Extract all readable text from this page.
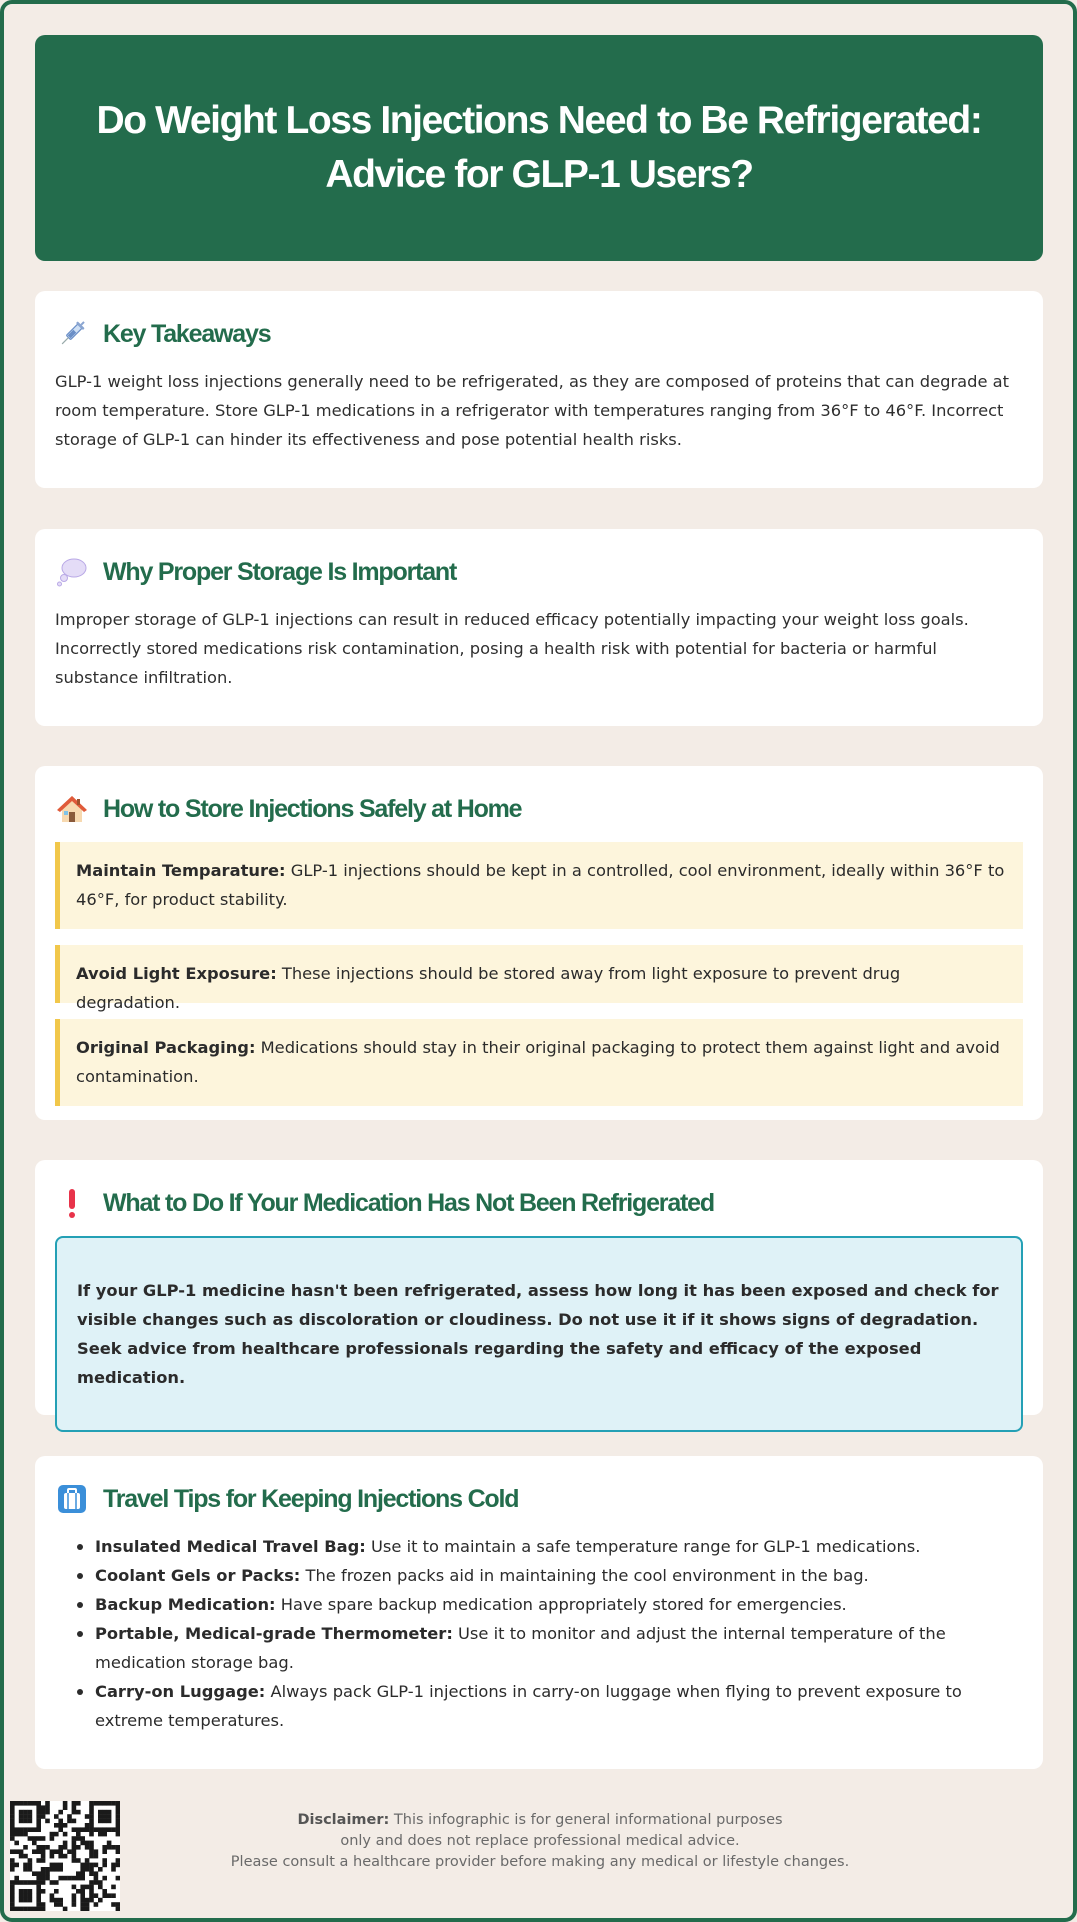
Do Weight Loss Injections Need to Be Refrigerated: Advice for GLP-1 Users?
Key Takeaways

GLP-1 weight loss injections generally need to be refrigerated, as they are composed of proteins that can degrade at room temperature. Store GLP-1 medications in a refrigerator with temperatures ranging from 36°F to 46°F. Incorrect storage of GLP-1 can hinder its effectiveness and pose potential health risks.

Why Proper Storage Is Important

Improper storage of GLP-1 injections can result in reduced efficacy potentially impacting your weight loss goals. Incorrectly stored medications risk contamination, posing a health risk with potential for bacteria or harmful substance infiltration.

How to Store Injections Safely at Home
Maintain Temparature: GLP-1 injections should be kept in a controlled, cool environment, ideally within 36°F to 46°F, for product stability.
Avoid Light Exposure: These injections should be stored away from light exposure to prevent drug degradation.
Original Packaging: Medications should stay in their original packaging to protect them against light and avoid contamination.
What to Do If Your Medication Has Not Been Refrigerated
If your GLP-1 medicine hasn't been refrigerated, assess how long it has been exposed and check for visible changes such as discoloration or cloudiness. Do not use it if it shows signs of degradation. Seek advice from healthcare professionals regarding the safety and efficacy of the exposed medication.
Travel Tips for Keeping Injections Cold
Insulated Medical Travel Bag: Use it to maintain a safe temperature range for GLP-1 medications.
Coolant Gels or Packs: The frozen packs aid in maintaining the cool environment in the bag.
Backup Medication: Have spare backup medication appropriately stored for emergencies.
Portable, Medical-grade Thermometer: Use it to monitor and adjust the internal temperature of the medication storage bag.
Carry-on Luggage: Always pack GLP-1 injections in carry-on luggage when flying to prevent exposure to extreme temperatures.
Disclaimer: This infographic is for general informational purposes
only and does not replace professional medical advice.
Please consult a healthcare provider before making any medical or lifestyle changes.
